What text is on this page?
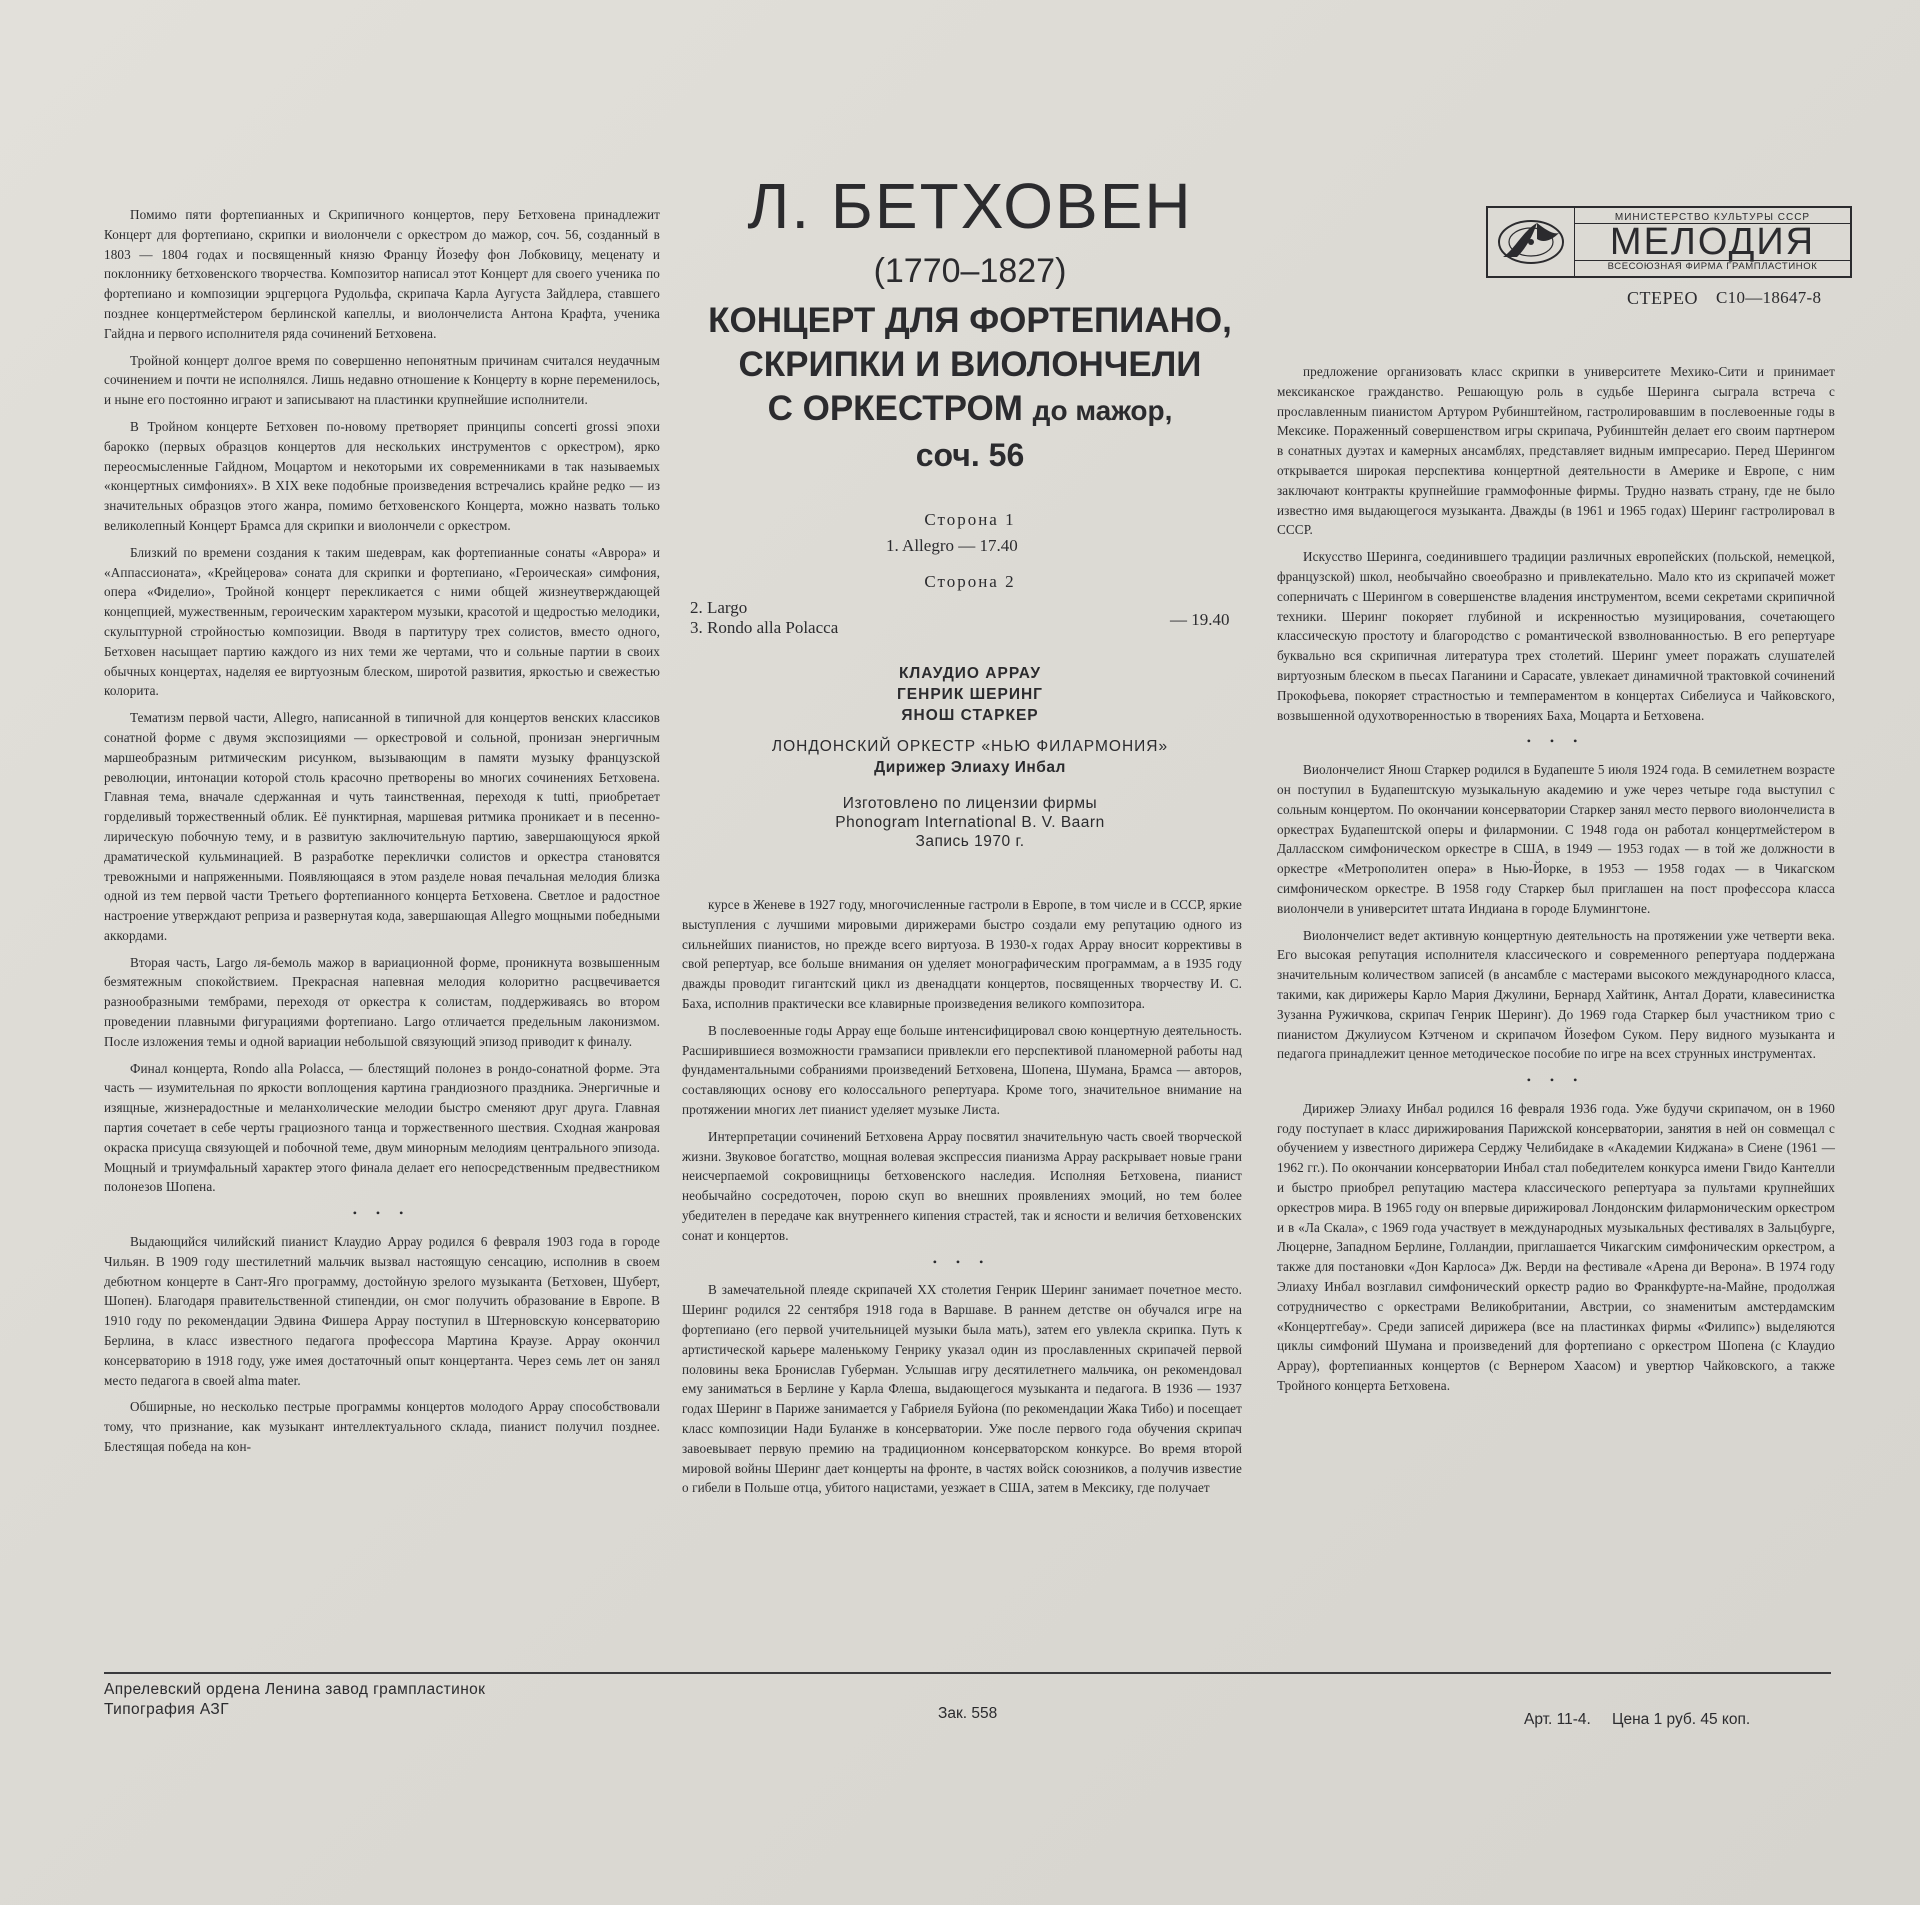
Л. БЕТХОВЕН
(1770–1827)
КОНЦЕРТ ДЛЯ ФОРТЕПИАНО,
СКРИПКИ И ВИОЛОНЧЕЛИ
С ОРКЕСТРОМ до мажор,
соч. 56
МИНИСТЕРСТВО КУЛЬТУРЫ СССР
МЕЛОДИЯ
ВСЕСОЮЗНАЯ ФИРМА ГРАМПЛАСТИНОК
СТЕРЕО С10—18647-8
Сторона 1
1. Allegro — 17.40
Сторона 2
2. Largo
3. Rondo alla Polacca	— 19.40
КЛАУДИО АРРАУ
ГЕНРИК ШЕРИНГ
ЯНОШ СТАРКЕР
ЛОНДОНСКИЙ ОРКЕСТР «НЬЮ ФИЛАРМОНИЯ»
Дирижер Элиаху Инбал
Изготовлено по лицензии фирмы
Phonogram International B. V. Baarn
Запись 1970 г.

Помимо пяти фортепианных и Скрипичного концертов, перу Бетховена принадлежит Концерт для фортепиано, скрипки и виолончели с оркестром до мажор, соч. 56, созданный в 1803 — 1804 годах и посвященный князю Францу Йозефу фон Лобковицу, меценату и поклоннику бетховенского творчества. Композитор написал этот Концерт для своего ученика по фортепиано и композиции эрцгерцога Рудольфа, скрипача Карла Аугуста Зайдлера, ставшего позднее концертмейстером берлинской капеллы, и виолончелиста Антона Крафта, ученика Гайдна и первого исполнителя ряда сочинений Бетховена.

Тройной концерт долгое время по совершенно непонятным причинам считался неудачным сочинением и почти не исполнялся. Лишь недавно отношение к Концерту в корне переменилось, и ныне его постоянно играют и записывают на пластинки крупнейшие исполнители.

В Тройном концерте Бетховен по-новому претворяет принципы concerti grossi эпохи барокко (первых образцов концертов для нескольких инструментов с оркестром), ярко переосмысленные Гайдном, Моцартом и некоторыми их современниками в так называемых «концертных симфониях». В XIX веке подобные произведения встречались крайне редко — из значительных образцов этого жанра, помимо бетховенского Концерта, можно назвать только великолепный Концерт Брамса для скрипки и виолончели с оркестром.

Близкий по времени создания к таким шедеврам, как фортепианные сонаты «Аврора» и «Аппассионата», «Крейцерова» соната для скрипки и фортепиано, «Героическая» симфония, опера «Фиделио», Тройной концерт перекликается с ними общей жизнеутверждающей концепцией, мужественным, героическим характером музыки, красотой и щедростью мелодики, скульптурной стройностью композиции. Вводя в партитуру трех солистов, вместо одного, Бетховен насыщает партию каждого из них теми же чертами, что и сольные партии в своих обычных концертах, наделяя ее виртуозным блеском, широтой развития, яркостью и свежестью колорита.

Тематизм первой части, Allegro, написанной в типичной для концертов венских классиков сонатной форме с двумя экспозициями — оркестровой и сольной, пронизан энергичным маршеобразным ритмическим рисунком, вызывающим в памяти музыку французской революции, интонации которой столь красочно претворены во многих сочинениях Бетховена. Главная тема, вначале сдержанная и чуть таинственная, переходя к tutti, приобретает горделивый торжественный облик. Её пунктирная, маршевая ритмика проникает и в песенно-лирическую побочную тему, и в развитую заключительную партию, завершающуюся яркой драматической кульминацией. В разработке переклички солистов и оркестра становятся тревожными и напряженными. Появляющаяся в этом разделе новая печальная мелодия близка одной из тем первой части Третьего фортепианного концерта Бетховена. Светлое и радостное настроение утверждают реприза и развернутая кода, завершающая Allegro мощными победными аккордами.

Вторая часть, Largo ля-бемоль мажор в вариационной форме, проникнута возвышенным безмятежным спокойствием. Прекрасная напевная мелодия колоритно расцвечивается разнообразными тембрами, переходя от оркестра к солистам, поддерживаясь во втором проведении плавными фигурациями фортепиано. Largo отличается предельным лаконизмом. После изложения темы и одной вариации небольшой связующий эпизод приводит к финалу.

Финал концерта, Rondo alla Polacca, — блестящий полонез в рондо-сонатной форме. Эта часть — изумительная по яркости воплощения картина грандиозного праздника. Энергичные и изящные, жизнерадостные и меланхолические мелодии быстро сменяют друг друга. Главная партия сочетает в себе черты грациозного танца и торжественного шествия. Сходная жанровая окраска присуща связующей и побочной теме, двум минорным мелодиям центрального эпизода. Мощный и триумфальный характер этого финала делает его непосредственным предвестником полонезов Шопена.

• • •

Выдающийся чилийский пианист Клаудио Аррау родился 6 февраля 1903 года в городе Чильян. В 1909 году шестилетний мальчик вызвал настоящую сенсацию, исполнив в своем дебютном концерте в Сант-Яго программу, достойную зрелого музыканта (Бетховен, Шуберт, Шопен). Благодаря правительственной стипендии, он смог получить образование в Европе. В 1910 году по рекомендации Эдвина Фишера Аррау поступил в Штерновскую консерваторию Берлина, в класс известного педагога профессора Мартина Краузе. Аррау окончил консерваторию в 1918 году, уже имея достаточный опыт концертанта. Через семь лет он занял место педагога в своей alma mater.

Обширные, но несколько пестрые программы концертов молодого Аррау способствовали тому, что признание, как музыкант интеллектуального склада, пианист получил позднее. Блестящая победа на кон-

курсе в Женеве в 1927 году, многочисленные гастроли в Европе, в том числе и в СССР, яркие выступления с лучшими мировыми дирижерами быстро создали ему репутацию одного из сильнейших пианистов, но прежде всего виртуоза. В 1930-х годах Аррау вносит коррективы в свой репертуар, все больше внимания он уделяет монографическим программам, а в 1935 году дважды проводит гигантский цикл из двенадцати концертов, посвященных творчеству И. С. Баха, исполнив практически все клавирные произведения великого композитора.

В послевоенные годы Аррау еще больше интенсифицировал свою концертную деятельность. Расширившиеся возможности грамзаписи привлекли его перспективой планомерной работы над фундаментальными собраниями произведений Бетховена, Шопена, Шумана, Брамса — авторов, составляющих основу его колоссального репертуара. Кроме того, значительное внимание на протяжении многих лет пианист уделяет музыке Листа.

Интерпретации сочинений Бетховена Аррау посвятил значительную часть своей творческой жизни. Звуковое богатство, мощная волевая экспрессия пианизма Аррау раскрывает новые грани неисчерпаемой сокровищницы бетховенского наследия. Исполняя Бетховена, пианист необычайно сосредоточен, порою скуп во внешних проявлениях эмоций, но тем более убедителен в передаче как внутреннего кипения страстей, так и ясности и величия бетховенских сонат и концертов.

• • •

В замечательной плеяде скрипачей XX столетия Генрик Шеринг занимает почетное место. Шеринг родился 22 сентября 1918 года в Варшаве. В раннем детстве он обучался игре на фортепиано (его первой учительницей музыки была мать), затем его увлекла скрипка. Путь к артистической карьере маленькому Генрику указал один из прославленных скрипачей первой половины века Бронислав Губерман. Услышав игру десятилетнего мальчика, он рекомендовал ему заниматься в Берлине у Карла Флеша, выдающегося музыканта и педагога. В 1936 — 1937 годах Шеринг в Париже занимается у Габриеля Буйона (по рекомендации Жака Тибо) и посещает класс композиции Нади Буланже в консерватории. Уже после первого года обучения скрипач завоевывает первую премию на традиционном консерваторском конкурсе. Во время второй мировой войны Шеринг дает концерты на фронте, в частях войск союзников, а получив известие о гибели в Польше отца, убитого нацистами, уезжает в США, затем в Мексику, где получает

предложение организовать класс скрипки в университете Мехико-Сити и принимает мексиканское гражданство. Решающую роль в судьбе Шеринга сыграла встреча с прославленным пианистом Артуром Рубинштейном, гастролировавшим в послевоенные годы в Мексике. Пораженный совершенством игры скрипача, Рубинштейн делает его своим партнером в сонатных дуэтах и камерных ансамблях, представляет видным импресарио. Перед Шерингом открывается широкая перспектива концертной деятельности в Америке и Европе, с ним заключают контракты крупнейшие граммофонные фирмы. Трудно назвать страну, где не было известно имя выдающегося музыканта. Дважды (в 1961 и 1965 годах) Шеринг гастролировал в СССР.

Искусство Шеринга, соединившего традиции различных европейских (польской, немецкой, французской) школ, необычайно своеобразно и привлекательно. Мало кто из скрипачей может соперничать с Шерингом в совершенстве владения инструментом, всеми секретами скрипичной техники. Шеринг покоряет глубиной и искренностью музицирования, сочетающего классическую простоту и благородство с романтической взволнованностью. В его репертуаре буквально вся скрипичная литература трех столетий. Шеринг умеет поражать слушателей виртуозным блеском в пьесах Паганини и Сарасате, увлекает динамичной трактовкой сочинений Прокофьева, покоряет страстностью и темпераментом в концертах Сибелиуса и Чайковского, возвышенной одухотворенностью в творениях Баха, Моцарта и Бетховена.

• • •

Виолончелист Янош Старкер родился в Будапеште 5 июля 1924 года. В семилетнем возрасте он поступил в Будапештскую музыкальную академию и уже через четыре года выступил с сольным концертом. По окончании консерватории Старкер занял место первого виолончелиста в оркестрах Будапештской оперы и филармонии. С 1948 года он работал концертмейстером в Далласском симфоническом оркестре в США, в 1949 — 1953 годах — в той же должности в оркестре «Метрополитен опера» в Нью-Йорке, в 1953 — 1958 годах — в Чикагском симфоническом оркестре. В 1958 году Старкер был приглашен на пост профессора класса виолончели в университет штата Индиана в городе Блумингтоне.

Виолончелист ведет активную концертную деятельность на протяжении уже четверти века. Его высокая репутация исполнителя классического и современного репертуара поддержана значительным количеством записей (в ансамбле с мастерами высокого международного класса, такими, как дирижеры Карло Мария Джулини, Бернард Хайтинк, Антал Дорати, клавесинистка Зузанна Ружичкова, скрипач Генрик Шеринг). До 1969 года Старкер был участником трио с пианистом Джулиусом Кэтченом и скрипачом Йозефом Суком. Перу видного музыканта и педагога принадлежит ценное методическое пособие по игре на всех струнных инструментах.

• • •

Дирижер Элиаху Инбал родился 16 февраля 1936 года. Уже будучи скрипачом, он в 1960 году поступает в класс дирижирования Парижской консерватории, занятия в ней он совмещал с обучением у известного дирижера Серджу Челибидаке в «Академии Киджана» в Сиене (1961 — 1962 гг.). По окончании консерватории Инбал стал победителем конкурса имени Гвидо Кантелли и быстро приобрел репутацию мастера классического репертуара за пультами крупнейших оркестров мира. В 1965 году он впервые дирижировал Лондонским филармоническим оркестром и в «Ла Скала», с 1969 года участвует в международных музыкальных фестивалях в Зальцбурге, Люцерне, Западном Берлине, Голландии, приглашается Чикагским симфоническим оркестром, а также для постановки «Дон Карлоса» Дж. Верди на фестивале «Арена ди Верона». В 1974 году Элиаху Инбал возглавил симфонический оркестр радио во Франкфурте-на-Майне, продолжая сотрудничество с оркестрами Великобритании, Австрии, со знаменитым амстердамским «Концертгебау». Среди записей дирижера (все на пластинках фирмы «Филипс») выделяются циклы симфоний Шумана и произведений для фортепиано с оркестром Шопена (с Клаудио Аррау), фортепианных концертов (с Вернером Хаасом) и увертюр Чайковского, а также Тройного концерта Бетховена.

Апрелевский ордена Ленина завод грампластинок
Типография АЗГ	Зак. 558	Арт. 11-4. Цена 1 руб. 45 коп.
